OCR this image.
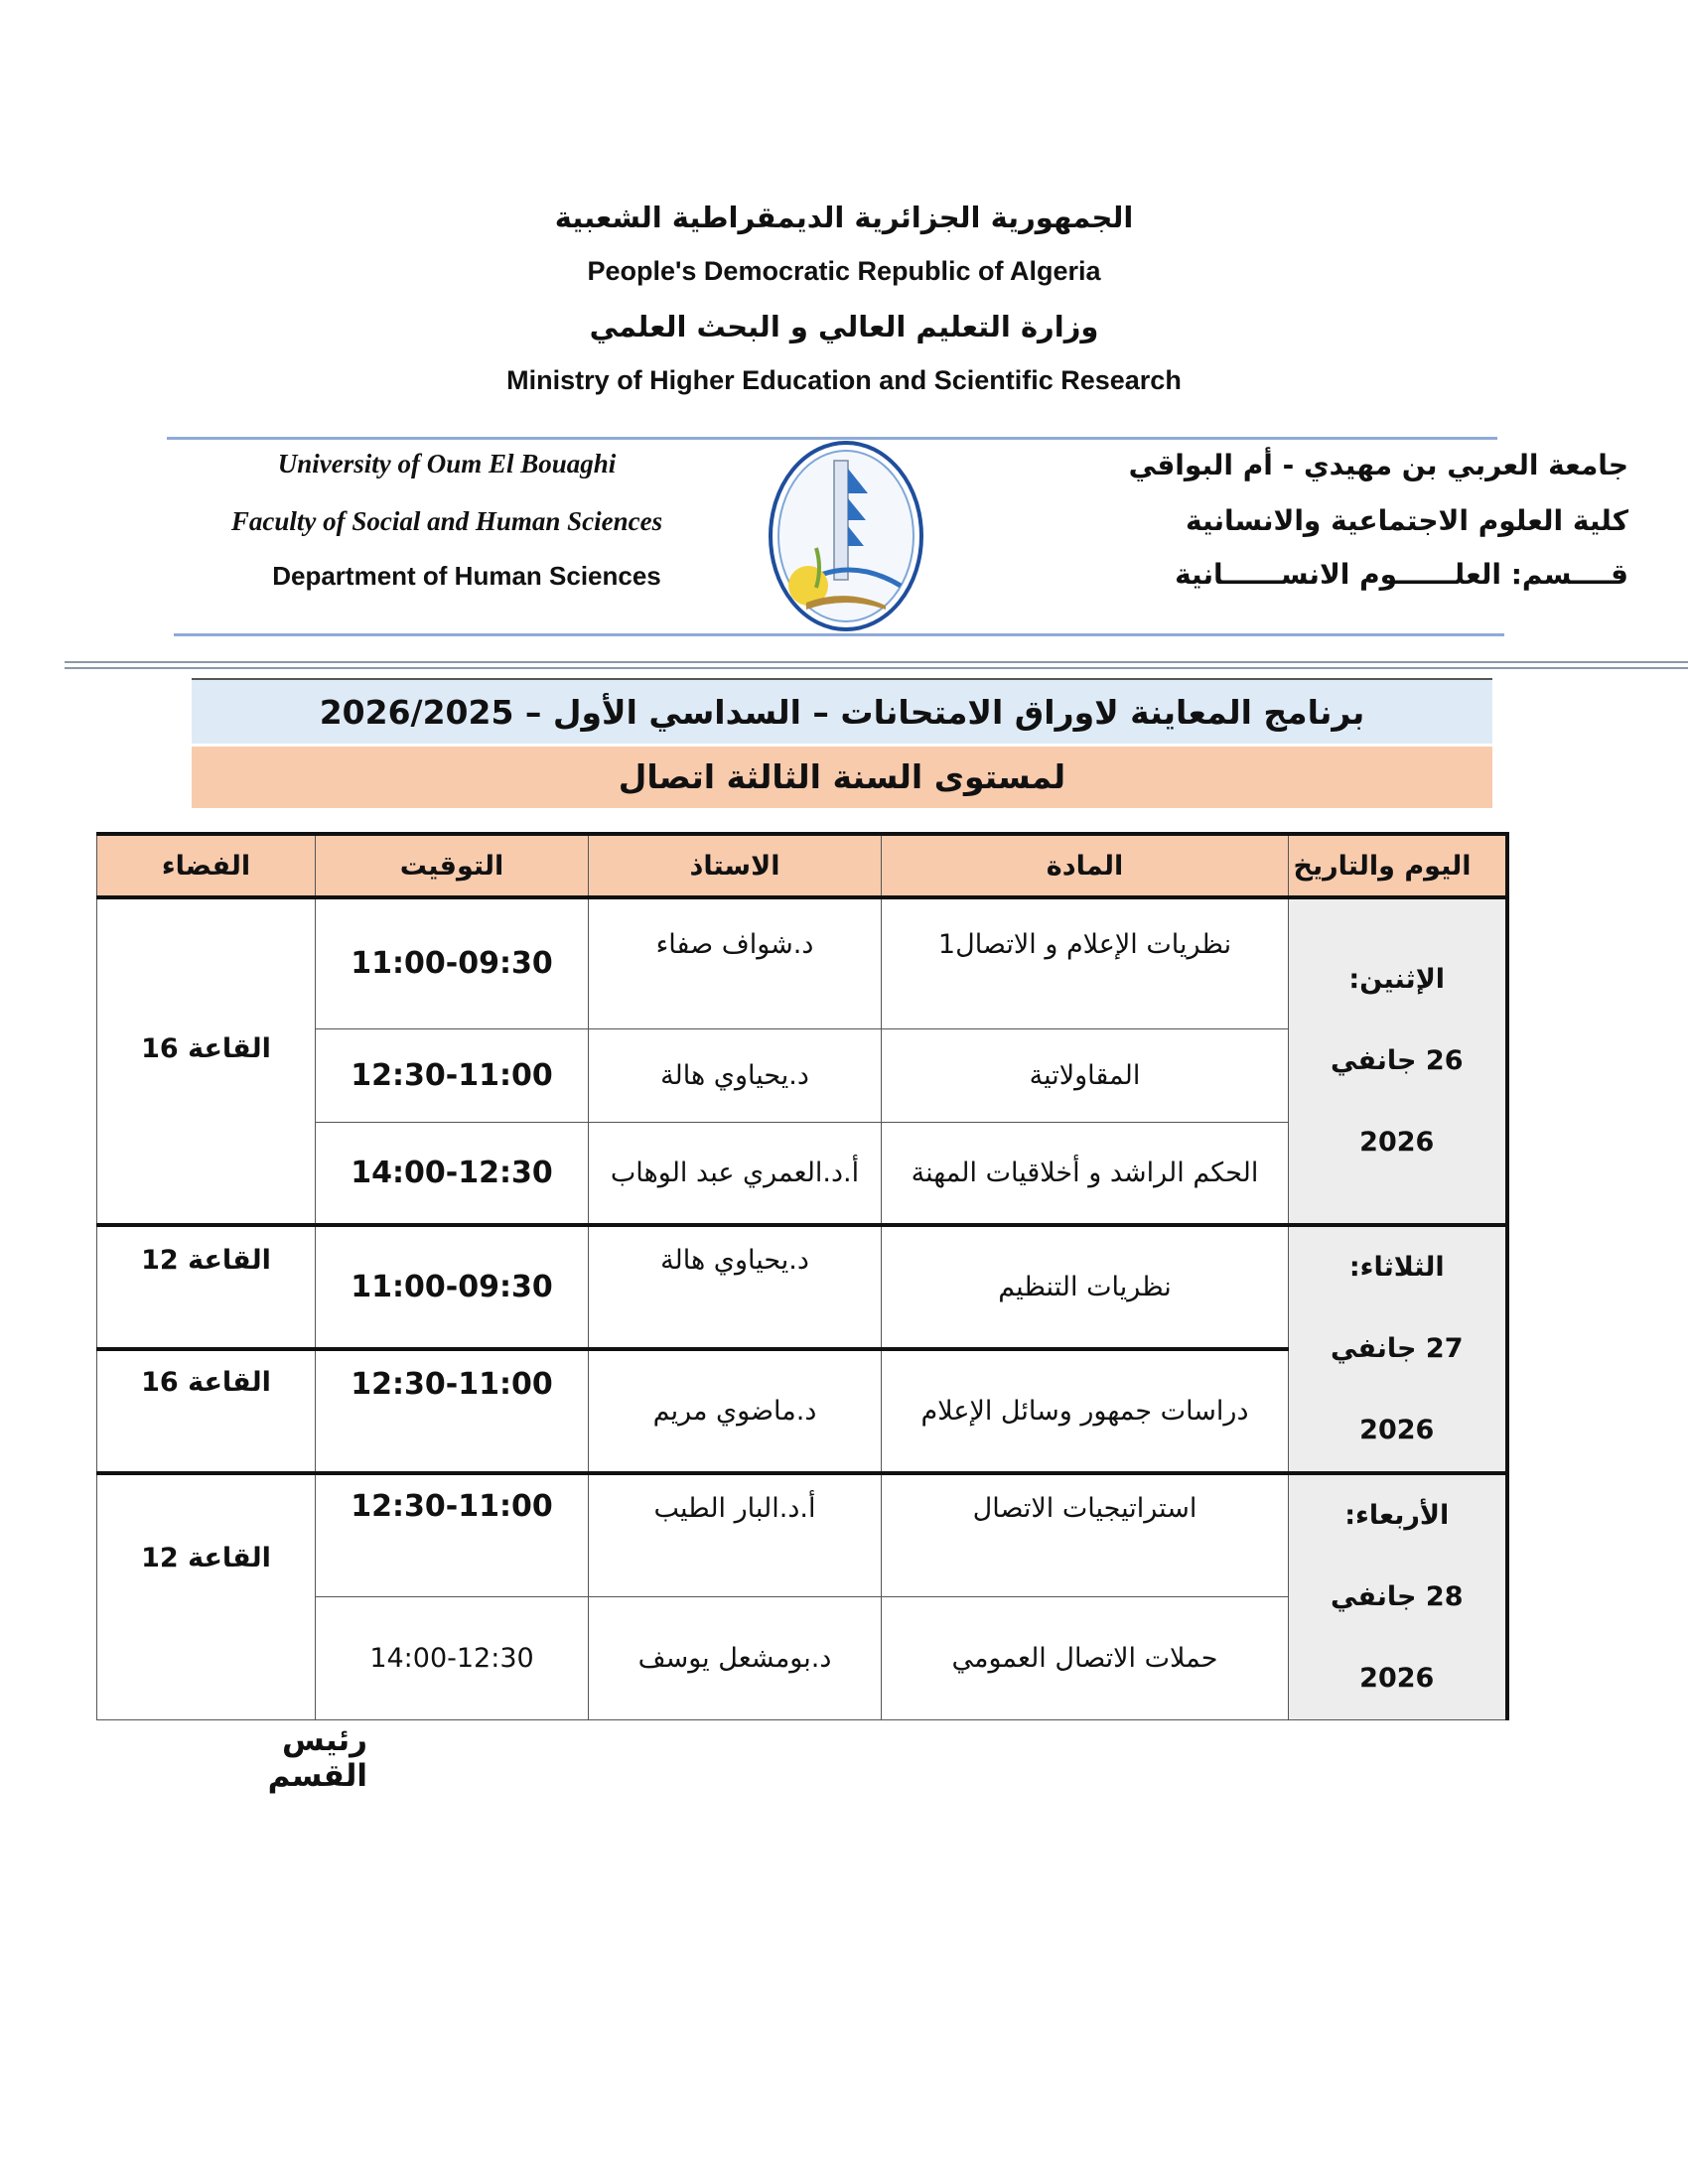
الجمهورية الجزائرية الديمقراطية الشعبية
People's Democratic Republic of Algeria
وزارة التعليم العالي و البحث العلمي
Ministry of Higher Education and Scientific Research
University of Oum El Bouaghi
Faculty of Social and Human Sciences
Department of Human Sciences
جامعة العربي بن مهيدي - أم البواقي
كلية العلوم الاجتماعية والانسانية
قــــسم: العلــــــوم الانســــــانية
برنامج المعاينة لاوراق الامتحانات – السداسي الأول – 2026/2025
لمستوى السنة الثالثة اتصال
اليوم والتاريخ	المادة	الاستاذ	التوقيت	الفضاء

الإثنين:
26 جانفي 2026	نظريات الإعلام و الاتصال1	د.شواف صفاء	11:00-09:30	القاعة 16
	المقاولاتية	د.يحياوي هالة	12:30-11:00	
	الحكم الراشد و أخلاقيات المهنة	أ.د.العمري عبد الوهاب	14:00-12:30	

الثلاثاء:
27 جانفي 2026	نظريات التنظيم	د.يحياوي هالة	11:00-09:30	القاعة 12
	دراسات جمهور وسائل الإعلام	د.ماضوي مريم	12:30-11:00	القاعة 16

الأربعاء:
28 جانفي 2026	استراتيجيات الاتصال	أ.د.البار الطيب	12:30-11:00	القاعة 12
	حملات الاتصال العمومي	د.بومشعل يوسف	14:00-12:30	
رئيس القسم
